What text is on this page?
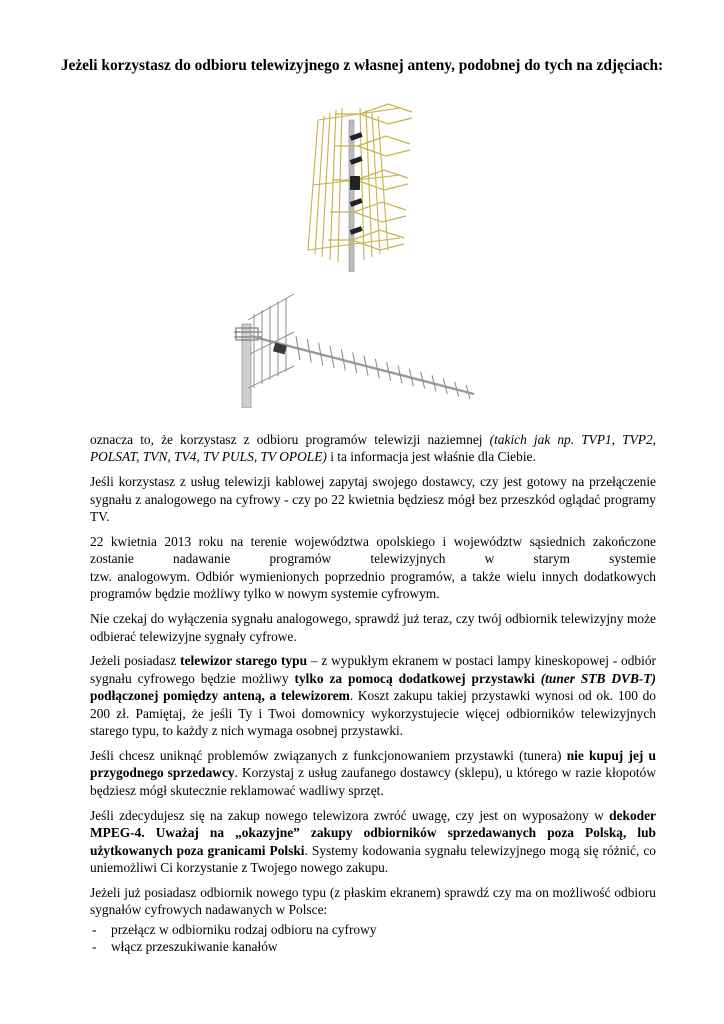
Jeżeli korzystasz do odbioru telewizyjnego z własnej anteny, podobnej do tych na zdjęciach:

oznacza to, że korzystasz z odbioru programów telewizji naziemnej (takich jak np. TVP1, TVP2, POLSAT, TVN, TV4, TV PULS, TV OPOLE) i ta informacja jest właśnie dla Ciebie.

Jeśli korzystasz z usług telewizji kablowej zapytaj swojego dostawcy, czy jest gotowy na przełączenie sygnału z analogowego na cyfrowy - czy po 22 kwietnia będziesz mógł bez przeszkód oglądać programy TV.

22 kwietnia 2013 roku na terenie województwa opolskiego i województw sąsiednich zakończone

zostanie nadawanie programów telewizyjnych w starym systemie

tzw. analogowym. Odbiór wymienionych poprzednio programów, a także wielu innych dodatkowych programów będzie możliwy tylko w nowym systemie cyfrowym.

Nie czekaj do wyłączenia sygnału analogowego, sprawdź już teraz, czy twój odbiornik telewizyjny może odbierać telewizyjne sygnały cyfrowe.

Jeżeli posiadasz telewizor starego typu – z wypukłym ekranem w postaci lampy kineskopowej - odbiór sygnału cyfrowego będzie możliwy tylko za pomocą dodatkowej przystawki (tuner STB DVB-T) podłączonej pomiędzy anteną, a telewizorem. Koszt zakupu takiej przystawki wynosi od ok. 100 do 200 zł. Pamiętaj, że jeśli Ty i Twoi domownicy wykorzystujecie więcej odbiorników telewizyjnych starego typu, to każdy z nich wymaga osobnej przystawki.

Jeśli chcesz uniknąć problemów związanych z funkcjonowaniem przystawki (tunera) nie kupuj jej u przygodnego sprzedawcy. Korzystaj z usług zaufanego dostawcy (sklepu), u którego w razie kłopotów będziesz mógł skutecznie reklamować wadliwy sprzęt.

Jeśli zdecydujesz się na zakup nowego telewizora zwróć uwagę, czy jest on wyposażony w dekoder MPEG-4. Uważaj na „okazyjne” zakupy odbiorników sprzedawanych poza Polską, lub użytkowanych poza granicami Polski. Systemy kodowania sygnału telewizyjnego mogą się różnić, co uniemożliwi Ci korzystanie z Twojego nowego zakupu.

Jeżeli już posiadasz odbiornik nowego typu (z płaskim ekranem) sprawdź czy ma on możliwość odbioru sygnałów cyfrowych nadawanych w Polsce:

- przełącz w odbiorniku rodzaj odbioru na cyfrowy
- włącz przeszukiwanie kanałów
